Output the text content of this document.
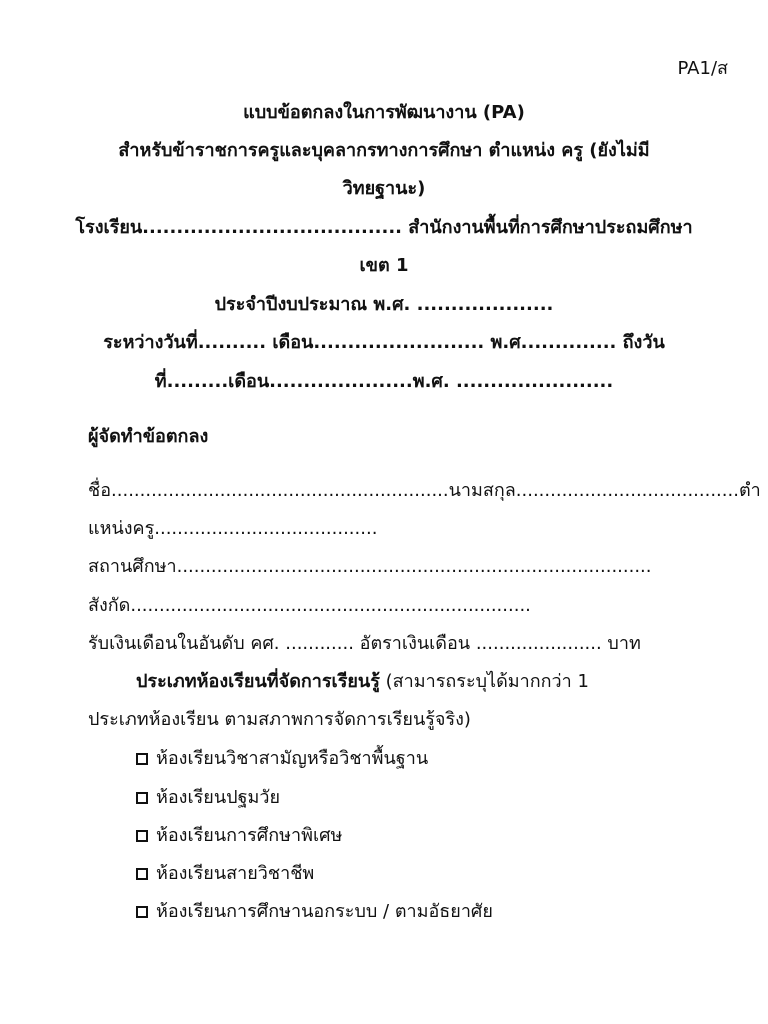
PA1/ส
แบบข้อตกลงในการพัฒนางาน (PA)
สำหรับข้าราชการครูและบุคลากรทางการศึกษา ตำแหน่ง ครู (ยังไม่มี
วิทยฐานะ)
โรงเรียน...................................... สำนักงานพื้นที่การศึกษาประถมศึกษา
เขต 1
ประจำปีงบประมาณ พ.ศ. ....................
ระหว่างวันที่.......... เดือน......................... พ.ศ.............. ถึงวัน
ที่.........เดือน.....................พ.ศ. .......................
ผู้จัดทำข้อตกลง
ชื่อ...........................................................นามสกุล.......................................ตำ
แหน่งครู.......................................
สถานศึกษา...................................................................................
สังกัด......................................................................
รับเงินเดือนในอันดับ คศ. ............ อัตราเงินเดือน ...................... บาท
ประเภทห้องเรียนที่จัดการเรียนรู้ (สามารถระบุได้มากกว่า 1
ประเภทห้องเรียน ตามสภาพการจัดการเรียนรู้จริง)
ห้องเรียนวิชาสามัญหรือวิชาพื้นฐาน
ห้องเรียนปฐมวัย
ห้องเรียนการศึกษาพิเศษ
ห้องเรียนสายวิชาชีพ
ห้องเรียนการศึกษานอกระบบ / ตามอัธยาศัย
